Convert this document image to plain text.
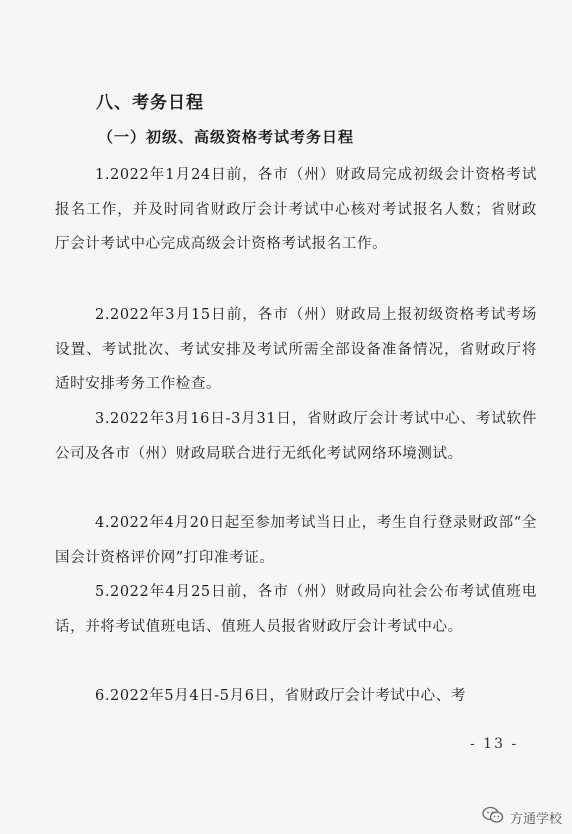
八、考务日程
（一）初级、高级资格考试考务日程

1.2022年1月24日前，各市（州）财政局完成初级会计资格考试报名工作，并及时同省财政厅会计考试中心核对考试报名人数；省财政厅会计考试中心完成高级会计资格考试报名工作。

2.2022年3月15日前，各市（州）财政局上报初级资格考试考场设置、考试批次、考试安排及考试所需全部设备准备情况，省财政厅将适时安排考务工作检查。

3.2022年3月16日-3月31日，省财政厅会计考试中心、考试软件公司及各市（州）财政局联合进行无纸化考试网络环境测试。

4.2022年4月20日起至参加考试当日止，考生自行登录财政部“全国会计资格评价网”打印准考证。

5.2022年4月25日前，各市（州）财政局向社会公布考试值班电话，并将考试值班电话、值班人员报省财政厅会计考试中心。

6.2022年5月4日-5月6日，省财政厅会计考试中心、考

- 13 -
方通学校
